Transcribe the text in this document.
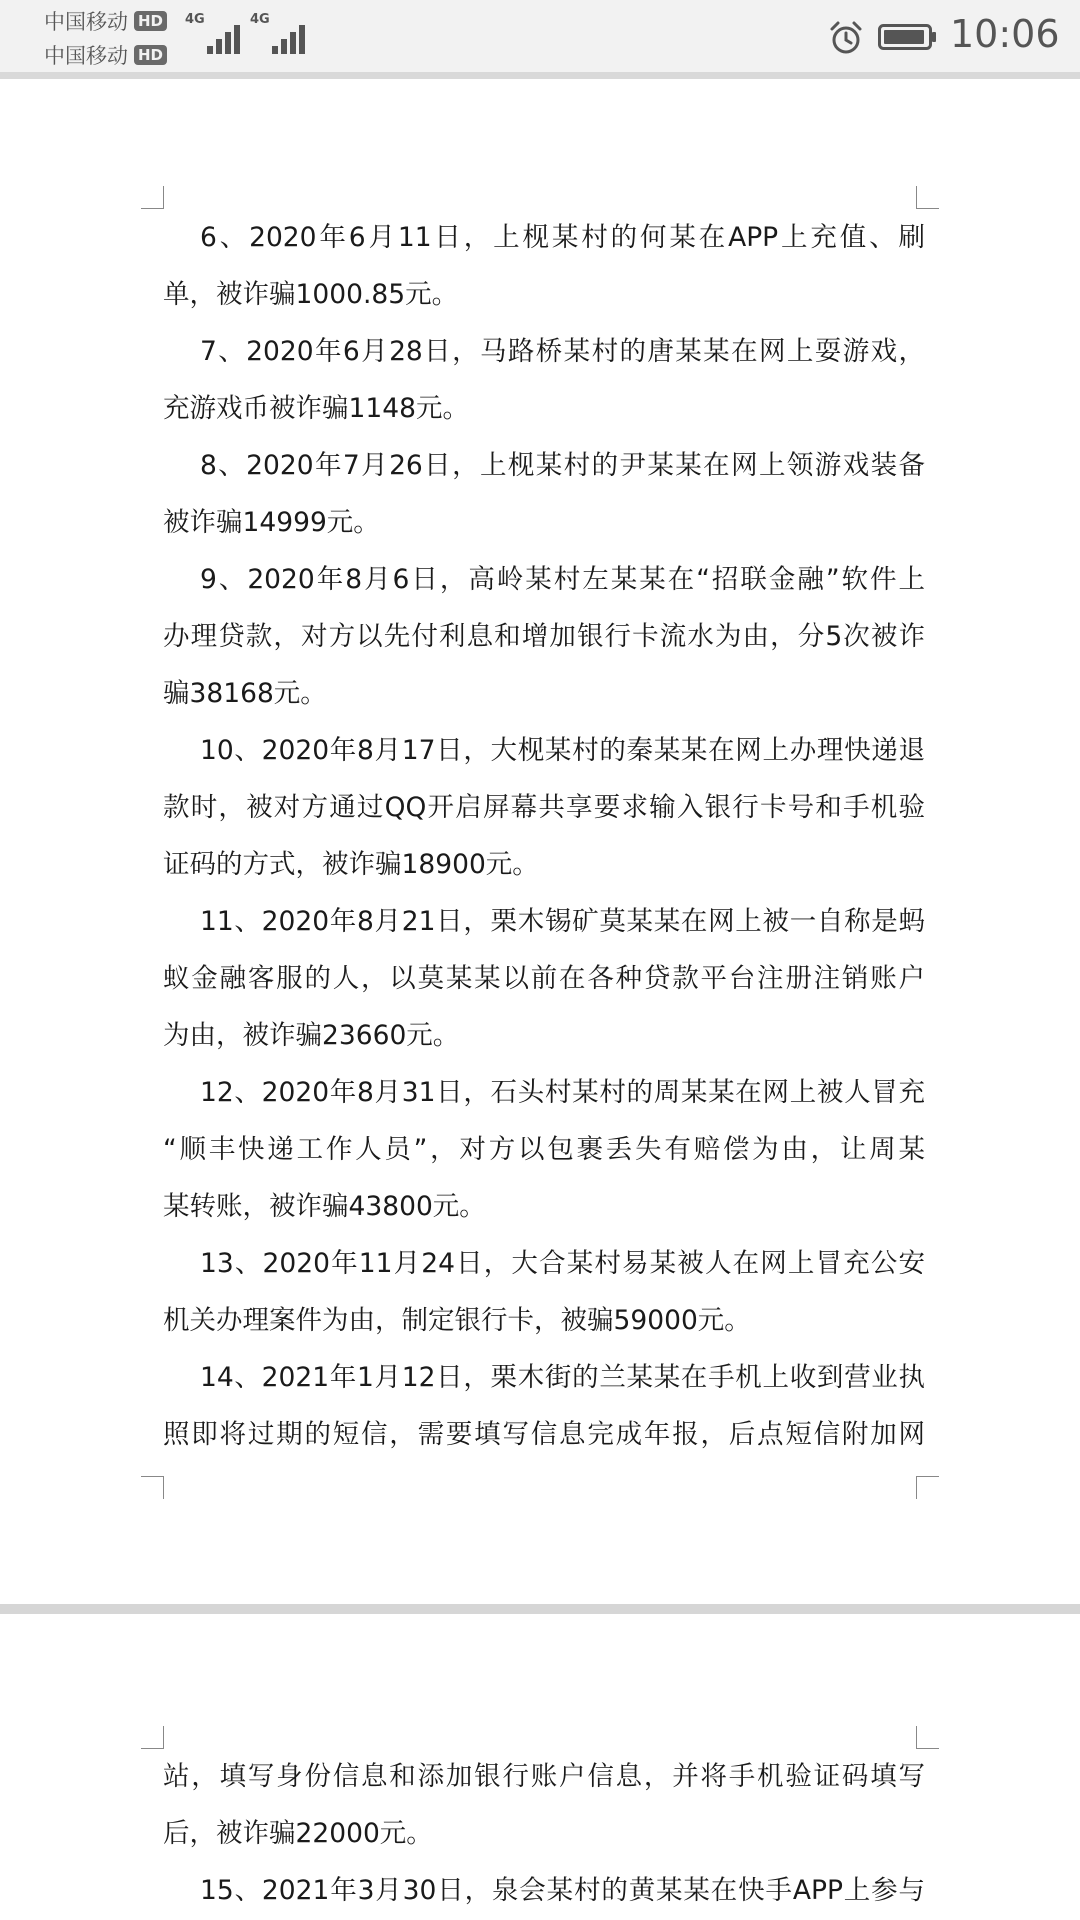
中国移动 HD
中国移动 HD
4G	4G	10:06
6、2020年6月11日，上枧某村的何某在APP上充值、刷
单，被诈骗1000.85元。
7、2020年6月28日，马路桥某村的唐某某在网上耍游戏，
充游戏币被诈骗1148元。
8、2020年7月26日，上枧某村的尹某某在网上领游戏装备
被诈骗14999元。
9、2020年8月6日，高岭某村左某某在“招联金融”软件上
办理贷款，对方以先付利息和增加银行卡流水为由，分5次被诈
骗38168元。
10、2020年8月17日，大枧某村的秦某某在网上办理快递退
款时，被对方通过QQ开启屏幕共享要求输入银行卡号和手机验
证码的方式，被诈骗18900元。
11、2020年8月21日，栗木锡矿莫某某在网上被一自称是蚂
蚁金融客服的人，以莫某某以前在各种贷款平台注册注销账户
为由，被诈骗23660元。
12、2020年8月31日，石头村某村的周某某在网上被人冒充
“顺丰快递工作人员”，对方以包裹丢失有赔偿为由，让周某
某转账，被诈骗43800元。
13、2020年11月24日，大合某村易某被人在网上冒充公安
机关办理案件为由，制定银行卡，被骗59000元。
14、2021年1月12日，栗木街的兰某某在手机上收到营业执
照即将过期的短信，需要填写信息完成年报，后点短信附加网
站，填写身份信息和添加银行账户信息，并将手机验证码填写
后，被诈骗22000元。
15、2021年3月30日，泉会某村的黄某某在快手APP上参与
